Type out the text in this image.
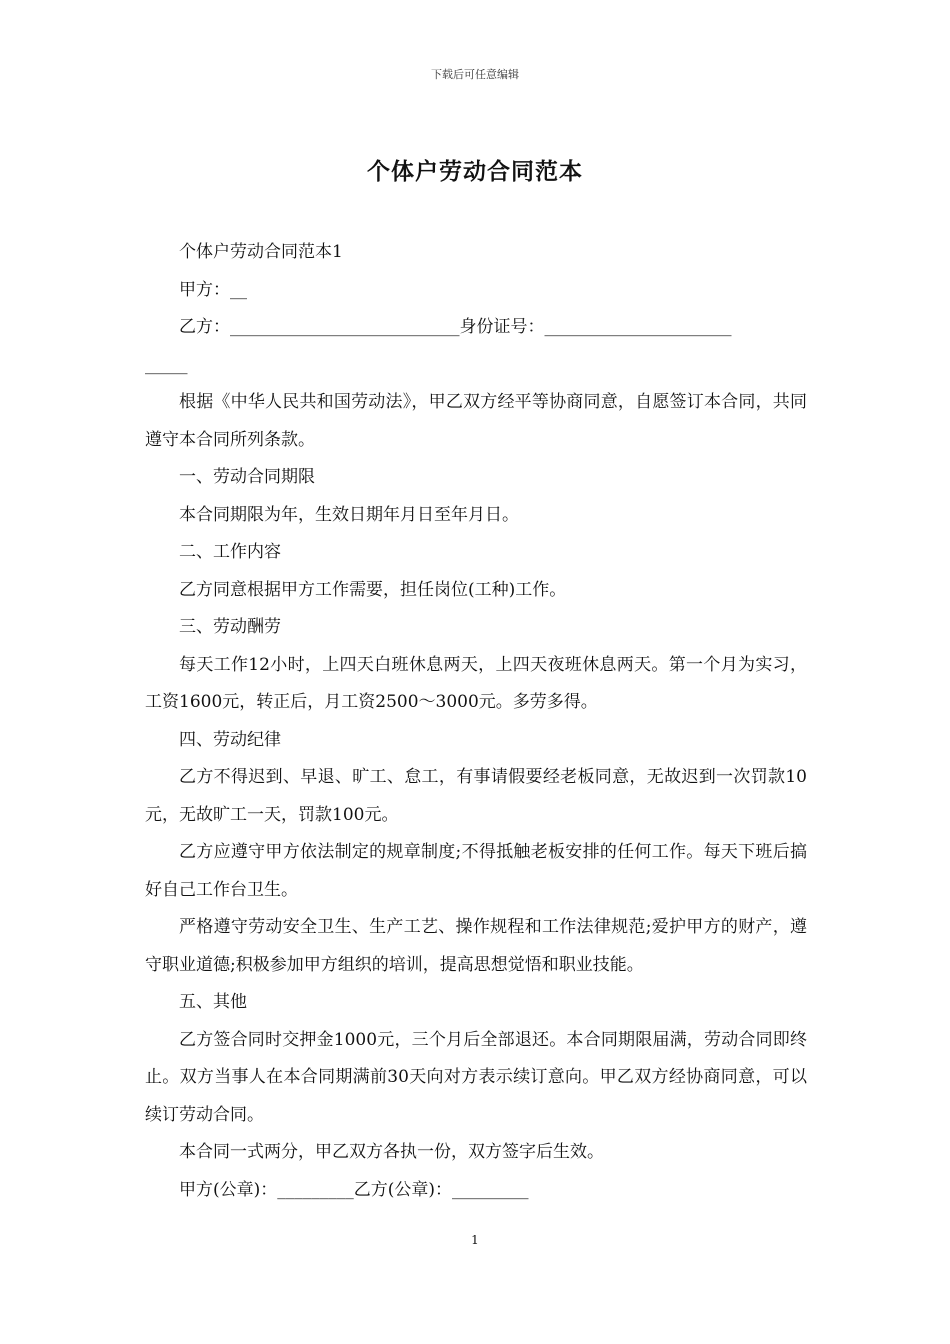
下载后可任意编辑
个体户劳动合同范本

个体户劳动合同范本1

甲方：__

乙方：___________________________身份证号：______________________

_____

根据《中华人民共和国劳动法》，甲乙双方经平等协商同意，自愿签订本合同，共同遵守本合同所列条款。

一、劳动合同期限

本合同期限为年，生效日期年月日至年月日。

二、工作内容

乙方同意根据甲方工作需要，担任岗位(工种)工作。

三、劳动酬劳

每天工作12小时，上四天白班休息两天，上四天夜班休息两天。第一个月为实习，工资1600元，转正后，月工资2500～3000元。多劳多得。

四、劳动纪律

乙方不得迟到、早退、旷工、怠工，有事请假要经老板同意，无故迟到一次罚款10元，无故旷工一天，罚款100元。

乙方应遵守甲方依法制定的规章制度;不得抵触老板安排的任何工作。每天下班后搞好自己工作台卫生。

严格遵守劳动安全卫生、生产工艺、操作规程和工作法律规范;爱护甲方的财产，遵守职业道德;积极参加甲方组织的培训，提高思想觉悟和职业技能。

五、其他

乙方签合同时交押金1000元，三个月后全部退还。本合同期限届满，劳动合同即终止。双方当事人在本合同期满前30天向对方表示续订意向。甲乙双方经协商同意，可以续订劳动合同。

本合同一式两分，甲乙双方各执一份，双方签字后生效。

甲方(公章)：_________乙方(公章)：_________

1
